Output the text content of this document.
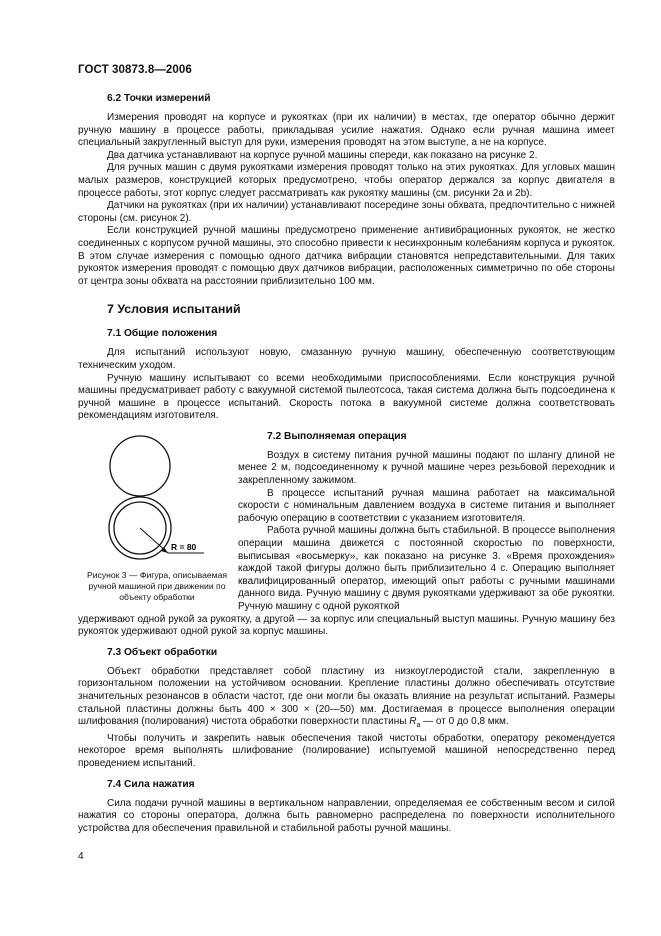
ГОСТ 30873.8—2006
6.2 Точки измерений

Измерения проводят на корпусе и рукоятках (при их наличии) в местах, где оператор обычно держит ручную машину в процессе работы, прикладывая усилие нажатия. Однако если ручная машина имеет специальный закругленный выступ для руки, измерения проводят на этом выступе, а не на корпусе.

Два датчика устанавливают на корпусе ручной машины спереди, как показано на рисунке 2.

Для ручных машин с двумя рукоятками измерения проводят только на этих рукоятках. Для угловых машин малых размеров, конструкцией которых предусмотрено, чтобы оператор держался за корпус двигателя в процессе работы, этот корпус следует рассматривать как рукоятку машины (см. рисунки 2а и 2b).

Датчики на рукоятках (при их наличии) устанавливают посередине зоны обхвата, предпочтительно с нижней стороны (см. рисунок 2).

Если конструкцией ручной машины предусмотрено применение антивибрационных рукояток, не жестко соединенных с корпусом ручной машины, это способно привести к несинхронным колебаниям корпуса и рукояток. В этом случае измерения с помощью одного датчика вибрации становятся непредставительными. Для таких рукояток измерения проводят с помощью двух датчиков вибрации, расположенных симметрично по обе стороны от центра зоны обхвата на расстоянии приблизительно 100 мм.

7 Условия испытаний
7.1 Общие положения

Для испытаний используют новую, смазанную ручную машину, обеспеченную соответствующим техническим уходом.

Ручную машину испытывают со всеми необходимыми приспособлениями. Если конструкция ручной машины предусматривает работу с вакуумной системой пылеотсоса, такая система должна быть подсоединена к ручной машине в процессе испытаний. Скорость потока в вакуумной системе должна соответствовать рекомендациям изготовителя.

R = 80
Рисунок 3 — Фигура, описываемая ручной машиной при движении по объекту обработки
7.2 Выполняемая операция

Воздух в систему питания ручной машины подают по шлангу длиной не менее 2 м, подсоединенному к ручной машине через резьбовой переходник и закрепленному зажимом.

В процессе испытаний ручная машина работает на максимальной скорости с номинальным давлением воздуха в системе питания и выполняет рабочую операцию в соответствии с указанием изготовителя.

Работа ручной машины должна быть стабильной. В процессе выполнения операции машина движется с постоянной скоростью по поверхности, выписывая «восьмерку», как показано на рисунке 3. «Время прохождения» каждой такой фигуры должно быть приблизительно 4 с. Операцию выполняет квалифицированный оператор, имеющий опыт работы с ручными машинами данного вида. Ручную машину с двумя рукоятками удерживают за обе рукоятки. Ручную машину с одной рукояткой

удерживают одной рукой за рукоятку, а другой — за корпус или специальный выступ машины. Ручную машину без рукояток удерживают одной рукой за корпус машины.

7.3 Объект обработки

Объект обработки представляет собой пластину из низкоуглеродистой стали, закрепленную в горизонтальном положении на устойчивом основании. Крепление пластины должно обеспечивать отсутствие значительных резонансов в области частот, где они могли бы оказать влияние на результат испытаний. Размеры стальной пластины должны быть 400 × 300 × (20—50) мм. Достигаемая в процессе выполнения операции шлифования (полирования) чистота обработки поверхности пластины $R_a$ — от 0 до 0,8 мкм.

Чтобы получить и закрепить навык обеспечения такой чистоты обработки, оператору рекомендуется некоторое время выполнять шлифование (полирование) испытуемой машиной непосредственно перед проведением испытаний.

7.4 Сила нажатия

Сила подачи ручной машины в вертикальном направлении, определяемая ее собственным весом и силой нажатия со стороны оператора, должна быть равномерно распределена по поверхности исполнительного устройства для обеспечения правильной и стабильной работы ручной машины.

4
